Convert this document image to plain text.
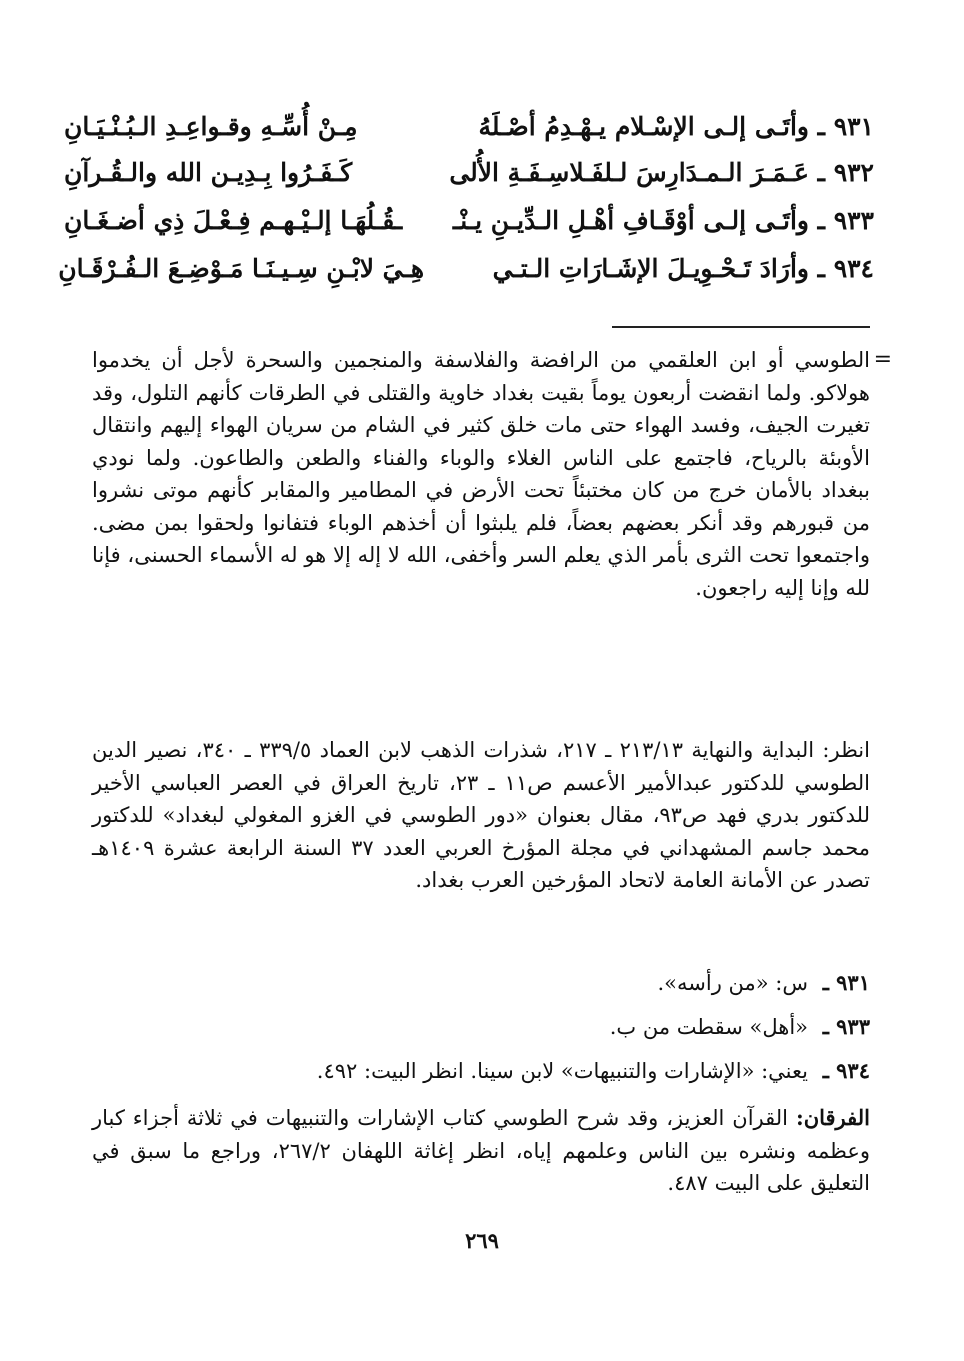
٩٣١ ـ وأتَـى إلـى الإسْـلام يـهْـدِمُ أصْـلَهُ
مِـنْ أُسِّـهِ وقـواعِـدِ الـبُـنْـيَـانِ
٩٣٢ ـ عَـمَـرَ الـمـدَارِسَ لـلفَـلاسِـفَـةِ الأُلى
كَـفَـرُوا بِـدِيـن الله والـقُـرآنِ
٩٣٣ ـ وأتَـى إلـى أوْقَـافِ أهْـلِ الـدِّيـنِ يـنْـ
ـقُـلُهَـا إلـيْـهـم فِـعْـلَ ذِي أضـغَـانِ
٩٣٤ ـ وأرَادَ تَـحْـوِيـلَ الإشَـارَاتِ الـتـي
هِـيَ لابْـنِ سِـيـنَـا مَـوْضِـعَ الـفُـرْقَـانِ
=
الطوسي أو ابن العلقمي من الرافضة والفلاسفة والمنجمين والسحرة لأجل أن يخدموا هولاكو. ولما انقضت أربعون يوماً بقيت بغداد خاوية والقتلى في الطرقات كأنهم التلول، وقد تغيرت الجيف، وفسد الهواء حتى مات خلق كثير في الشام من سريان الهواء إليهم وانتقال الأوبئة بالرياح، فاجتمع على الناس الغلاء والوباء والفناء والطعن والطاعون. ولما نودي ببغداد بالأمان خرج من كان مختبئاً تحت الأرض في المطامير والمقابر كأنهم موتى نشروا من قبورهم وقد أنكر بعضهم بعضاً، فلم يلبثوا أن أخذهم الوباء فتفانوا ولحقوا بمن مضى. واجتمعوا تحت الثرى بأمر الذي يعلم السر وأخفى، الله لا إله إلا هو له الأسماء الحسنى، فإنا لله وإنا إليه راجعون.
انظر: البداية والنهاية ٢١٣/١٣ ـ ٢١٧، شذرات الذهب لابن العماد ٣٣٩/٥ ـ ٣٤٠، نصير الدين الطوسي للدكتور عبدالأمير الأعسم ص١١ ـ ٢٣، تاريخ العراق في العصر العباسي الأخير للدكتور بدري فهد ص٩٣، مقال بعنوان «دور الطوسي في الغزو المغولي لبغداد» للدكتور محمد جاسم المشهداني في مجلة المؤرخ العربي العدد ٣٧ السنة الرابعة عشرة ١٤٠٩هـ تصدر عن الأمانة العامة لاتحاد المؤرخين العرب بغداد.
٩٣١ ـس: «من رأسه».
٩٣٣ ـ«أهل» سقطت من ب.
٩٣٤ ـيعني: «الإشارات والتنبيهات» لابن سينا. انظر البيت: ٤٩٢.
الفرقان: القرآن العزيز، وقد شرح الطوسي كتاب الإشارات والتنبيهات في ثلاثة أجزاء كبار وعظمه ونشره بين الناس وعلمهم إياه، انظر إغاثة اللهفان ٢٦٧/٢، وراجع ما سبق في التعليق على البيت ٤٨٧.
٢٦٩
